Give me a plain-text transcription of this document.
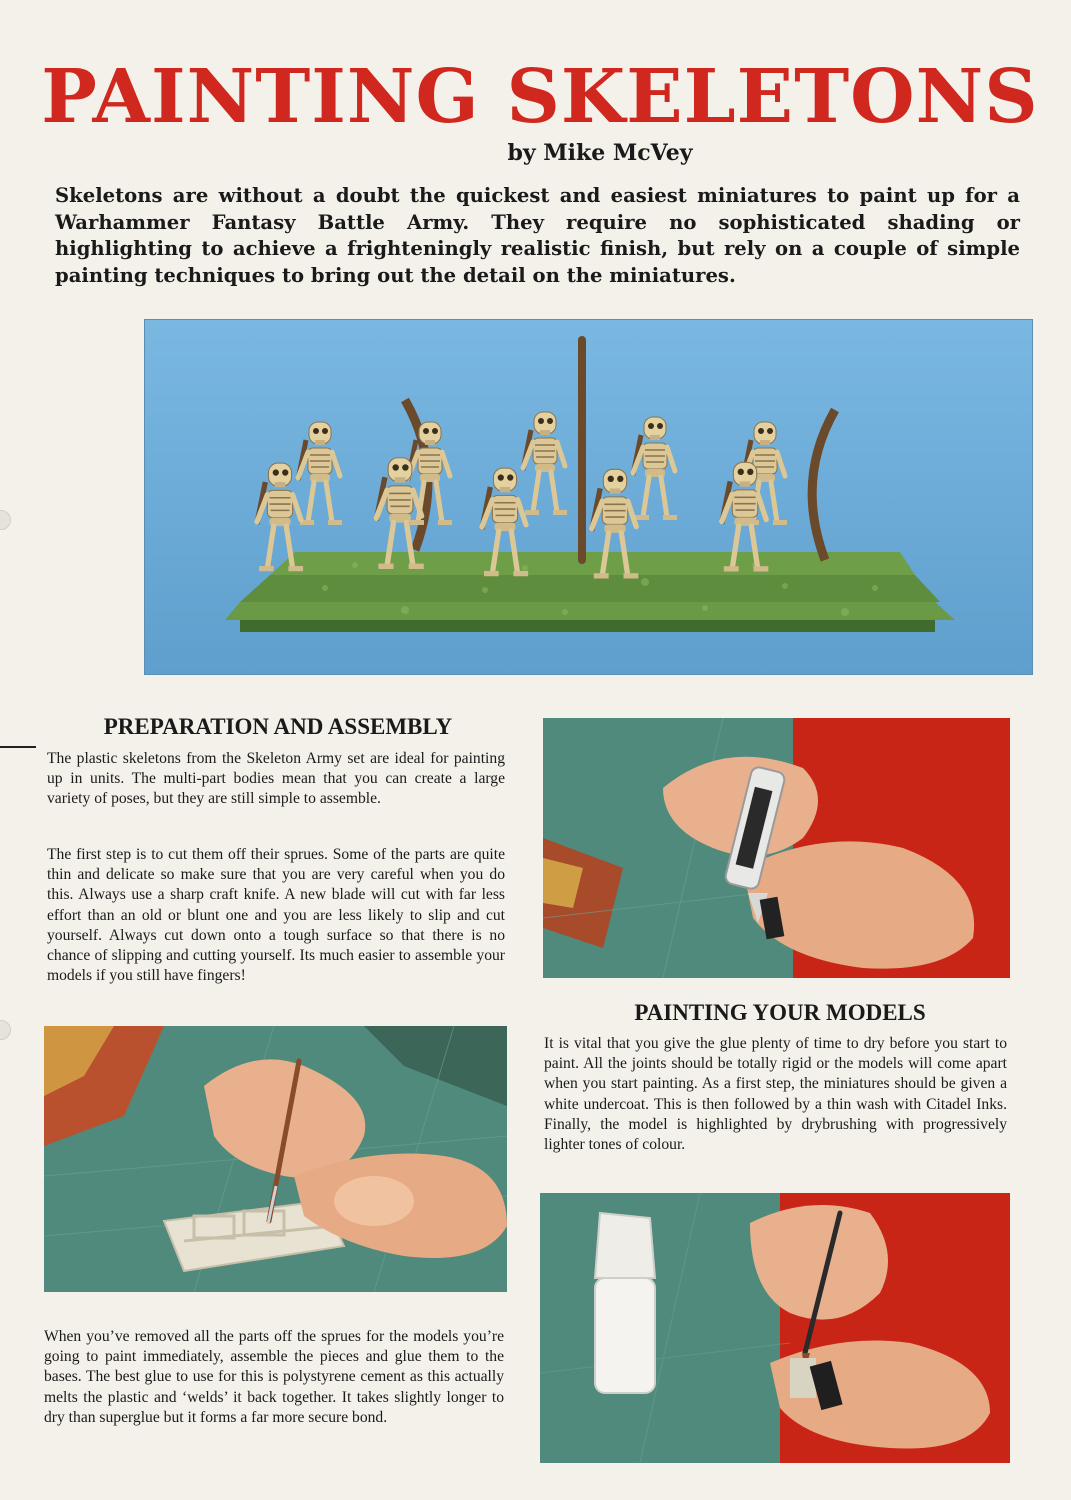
PAINTING SKELETONS
by Mike McVey

Skeletons are without a doubt the quickest and easiest miniatures to paint up for a Warhammer Fantasy Battle Army. They require no sophisticated shading or highlighting to achieve a frighteningly realistic finish, but rely on a couple of simple painting techniques to bring out the detail on the miniatures.

PREPARATION AND ASSEMBLY

The plastic skeletons from the Skeleton Army set are ideal for painting up in units. The multi-part bodies mean that you can create a large variety of poses, but they are still simple to assemble.

The first step is to cut them off their sprues. Some of the parts are quite thin and delicate so make sure that you are very careful when you do this. Always use a sharp craft knife. A new blade will cut with far less effort than an old or blunt one and you are less likely to slip and cut yourself. Always cut down onto a tough surface so that there is no chance of slipping and cutting yourself. Its much easier to assemble your models if you still have fingers!

When you’ve removed all the parts off the sprues for the models you’re going to paint immediately, assemble the pieces and glue them to the bases. The best glue to use for this is polystyrene cement as this actually melts the plastic and ‘welds’ it back together. It takes slightly longer to dry than superglue but it forms a far more secure bond.

PAINTING YOUR MODELS

It is vital that you give the glue plenty of time to dry before you start to paint. All the joints should be totally rigid or the models will come apart when you start painting. As a first step, the miniatures should be given a white undercoat. This is then followed by a thin wash with Citadel Inks. Finally, the model is highlighted by drybrushing with progressively lighter tones of colour.
